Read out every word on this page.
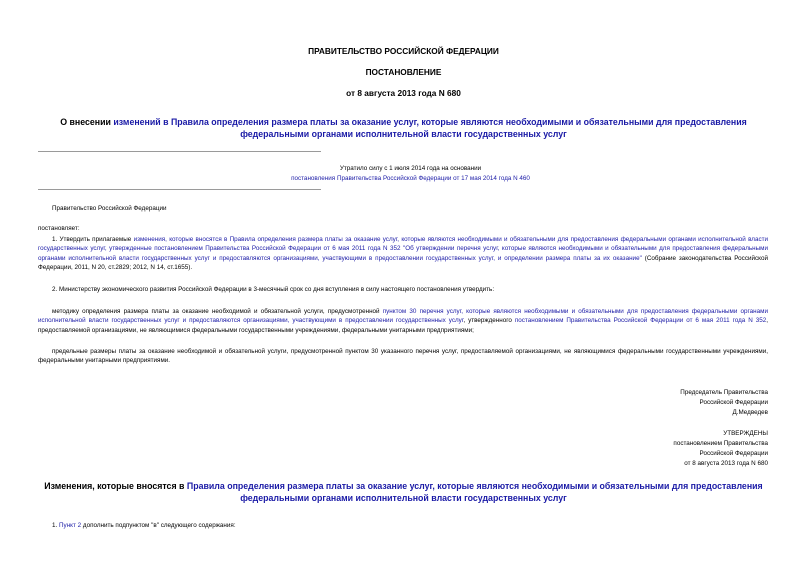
ПРАВИТЕЛЬСТВО РОССИЙСКОЙ ФЕДЕРАЦИИ
ПОСТАНОВЛЕНИЕ
от 8 августа 2013 года N 680
О внесении изменений в Правила определения размера платы за оказание услуг, которые являются необходимыми и обязательными для предоставления федеральными органами исполнительной власти государственных услуг
Утратило силу с 1 июля 2014 года на основании
постановления Правительства Российской Федерации от 17 мая 2014 года N 460
Правительство Российской Федерации
постановляет:
1. Утвердить прилагаемые изменения, которые вносятся в Правила определения размера платы за оказание услуг, которые являются необходимыми и обязательными для предоставления федеральными органами исполнительной власти государственных услуг, утвержденные постановлением Правительства Российской Федерации от 6 мая 2011 года N 352 "Об утверждении перечня услуг, которые являются необходимыми и обязательными для предоставления федеральными органами исполнительной власти государственных услуг и предоставляются организациями, участвующими в предоставлении государственных услуг, и определении размера платы за их оказание" (Собрание законодательства Российской Федерации, 2011, N 20, ст.2829; 2012, N 14, ст.1655).
2. Министерству экономического развития Российской Федерации в 3-месячный срок со дня вступления в силу настоящего постановления утвердить:
методику определения размера платы за оказание необходимой и обязательной услуги, предусмотренной пунктом 30 перечня услуг, которые являются необходимыми и обязательными для предоставления федеральными органами исполнительной власти государственных услуг и предоставляются организациями, участвующими в предоставлении государственных услуг, утвержденного постановлением Правительства Российской Федерации от 6 мая 2011 года N 352, предоставляемой организациями, не являющимися федеральными государственными учреждениями, федеральными унитарными предприятиями;
предельные размеры платы за оказание необходимой и обязательной услуги, предусмотренной пунктом 30 указанного перечня услуг, предоставляемой организациями, не являющимися федеральными государственными учреждениями, федеральными унитарными предприятиями.
Председатель Правительства
Российской Федерации
Д.Медведев
УТВЕРЖДЕНЫ
постановлением Правительства
Российской Федерации
от 8 августа 2013 года N 680
Изменения, которые вносятся в Правила определения размера платы за оказание услуг, которые являются необходимыми и обязательными для предоставления федеральными органами исполнительной власти государственных услуг
1. Пункт 2 дополнить подпунктом "в" следующего содержания:
